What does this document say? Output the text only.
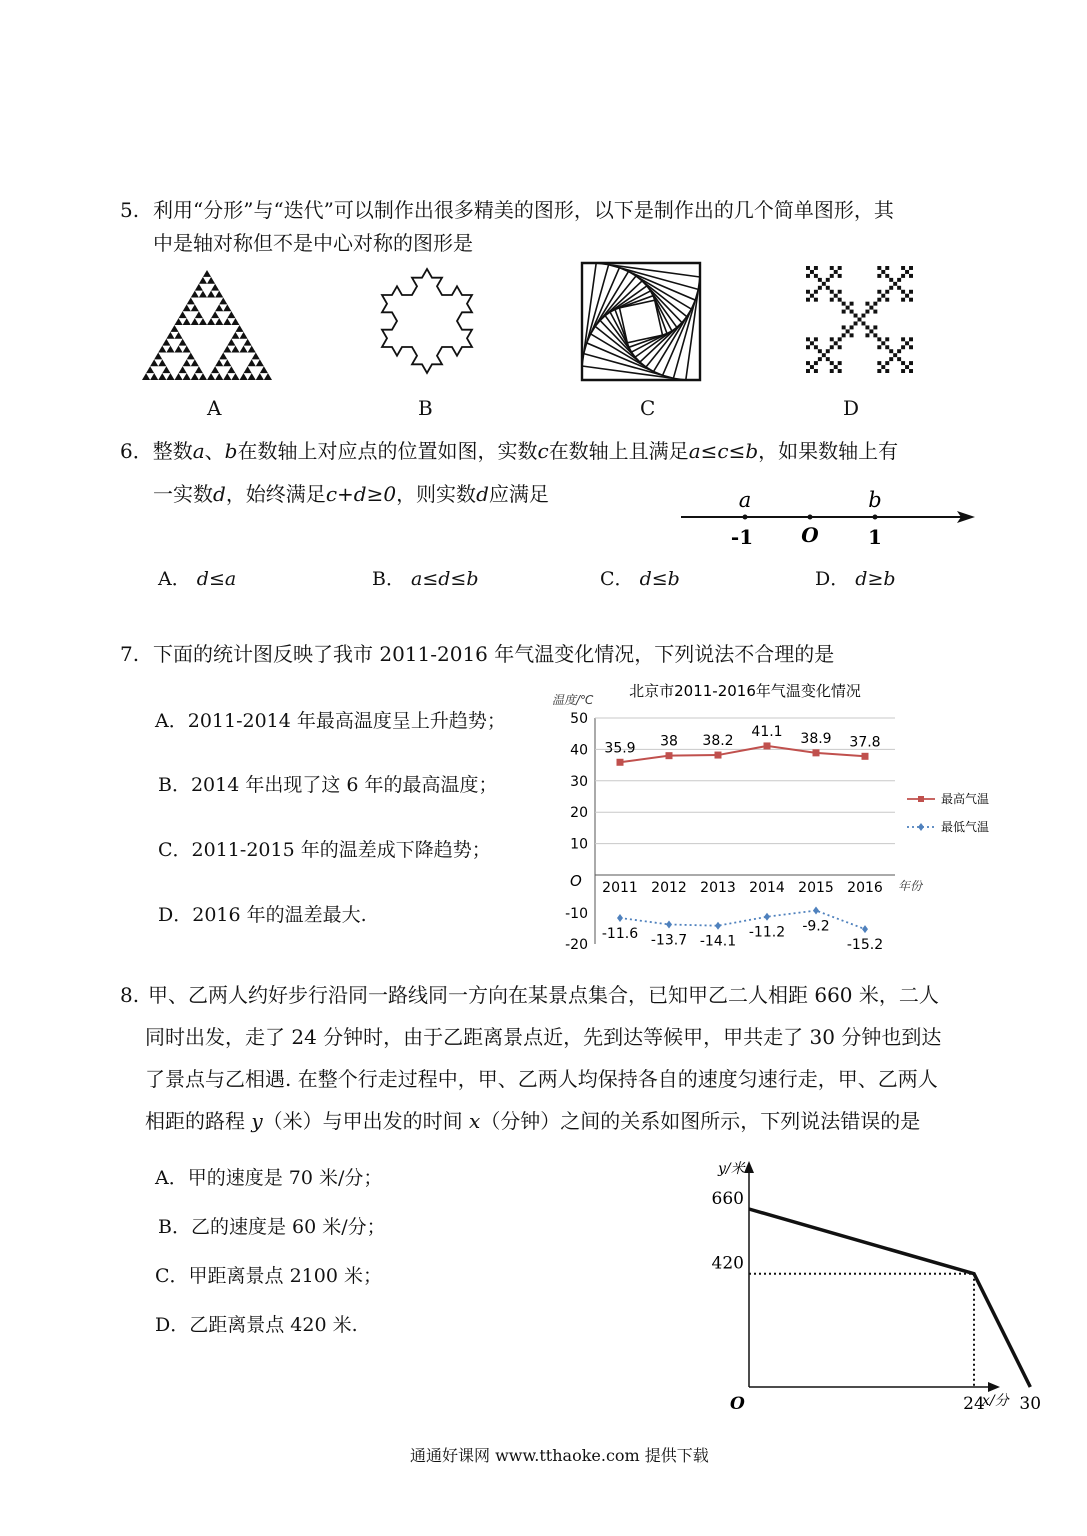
5. 利用“分形”与“迭代”可以制作出很多精美的图形，以下是制作出的几个简单图形，其
中是轴对称但不是中心对称的图形是
A	B	C	D
6．整数a、b在数轴上对应点的位置如图，实数c在数轴上且满足a≤c≤b，如果数轴上有
一实数d，始终满足c+d≥0，则实数d应满足	a	b
-1 O 1
A． d≤a	B． a≤d≤b	C． d≤b	D． d≥b
7. 下面的统计图反映了我市 2011-2016 年气温变化情况，下列说法不合理的是
A．2011-2014 年最高温度呈上升趋势；
B．2014 年出现了这 6 年的最高温度；
C．2011-2015 年的温差成下降趋势；
D．2016 年的温差最大.
北京市2011-2016年气温变化情况
温度/℃
年份
O
50
40
30
20
10
-10
-20
2011 2012 2013 2014 2015 2016
35.9 38 38.2
41.1 38.9 37.8
-11.6 -13.7 -14.1
-11.2 -9.2
-15.2
最高气温
最低气温
8. 甲、乙两人约好步行沿同一路线同一方向在某景点集合，已知甲乙二人相距 660 米，二人
同时出发，走了 24 分钟时，由于乙距离景点近，先到达等候甲，甲共走了 30 分钟也到达
了景点与乙相遇. 在整个行走过程中，甲、乙两人均保持各自的速度匀速行走，甲、乙两人
相距的路程 y（米）与甲出发的时间 x（分钟）之间的关系如图所示，下列说法错误的是
A．甲的速度是 70 米/分；
B．乙的速度是 60 米/分；
C．甲距离景点 2100 米；
D．乙距离景点 420 米.
y/米
x/分
O
660
420
24 30
通通好课网 www.tthaoke.com 提供下载
